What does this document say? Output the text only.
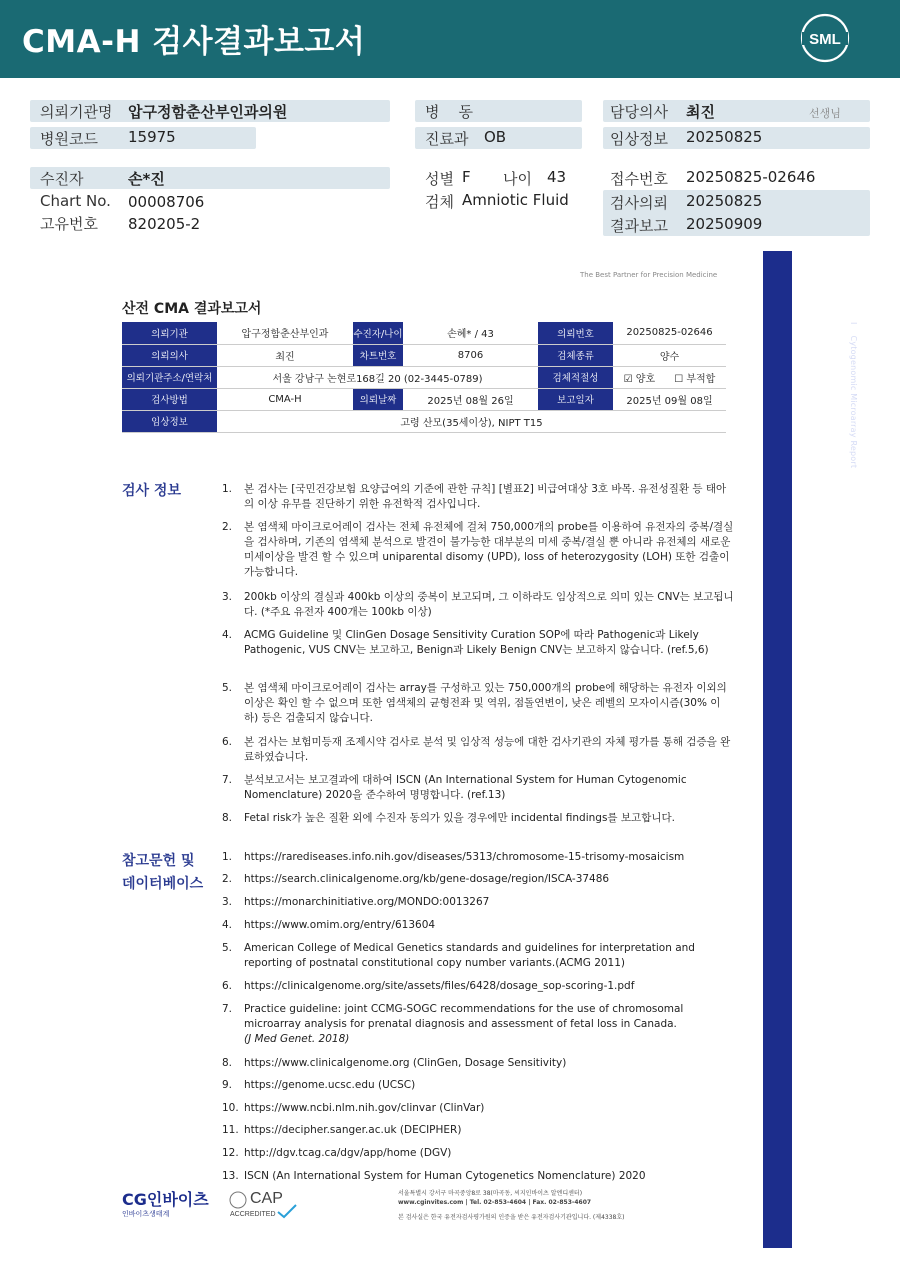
CMA-H 검사결과보고서	SML
의뢰기관명 압구정함춘산부인과의원
병원코드 15975
병    동
진료과 OB
담당의사 최진	선생님
임상정보 20250825
수진자	손*진
Chart No. 00008706
고유번호 820205-2
성별 F 나이 43
검체 Amniotic Fluid
접수번호 20250825-02646
검사의뢰 20250825
결과보고 20250909
The Best Partner for Precision Medicine
I    Cytogenomic Microarray Report
산전 CMA 결과보고서
의뢰기관	압구정함춘산부인과	수진자/나이	손혜* / 43	의뢰번호	20250825-02646
의뢰의사	최진	차트번호	8706	검체종류	양수
의뢰기관주소/연락처	서울 강남구 논현로168길 20 (02-3445-0789)			검체적절성	☑ 양호      ☐ 부적합
검사방법	CMA-H	의뢰날짜	2025년 08월 26일	보고일자	2025년 09월 08일
임상정보	고령 산모(35세이상), NIPT T15				
검사 정보	1.	본 검사는 [국민건강보험 요양급여의 기준에 관한 규칙] [별표2] 비급여대상 3호 바목. 유전성질환 등 태아의 이상 유무를 진단하기 위한 유전학적 검사입니다.
2.	본 염색체 마이크로어레이 검사는 전체 유전체에 걸쳐 750,000개의 probe를 이용하여 유전자의 중복/결실을 검사하며, 기존의 염색체 분석으로 발견이 불가능한 대부분의 미세 중복/결실 뿐 아니라 유전체의 새로운 미세이상을 발견 할 수 있으며 uniparental disomy (UPD), loss of heterozygosity (LOH) 또한 검출이 가능합니다.
3.	200kb 이상의 결실과 400kb 이상의 중복이 보고되며, 그 이하라도 임상적으로 의미 있는 CNV는 보고됩니다. (*주요 유전자 400개는 100kb 이상)
4.	ACMG Guideline 및 ClinGen Dosage Sensitivity Curation SOP에 따라 Pathogenic과 Likely Pathogenic, VUS CNV는 보고하고, Benign과 Likely Benign CNV는 보고하지 않습니다. (ref.5,6)
5.	본 염색체 마이크로어레이 검사는 array를 구성하고 있는 750,000개의 probe에 해당하는 유전자 이외의 이상은 확인 할 수 없으며 또한 염색체의 균형전좌 및 역위, 점돌연변이, 낮은 레벨의 모자이시즘(30% 이하) 등은 검출되지 않습니다.
6.	본 검사는 보험미등재 조제시약 검사로 분석 및 임상적 성능에 대한 검사기관의 자체 평가를 통해 검증을 완료하였습니다.
7.	분석보고서는 보고결과에 대하여 ISCN (An International System for Human Cytogenomic Nomenclature) 2020을 준수하여 명명합니다. (ref.13)
8.	Fetal risk가 높은 질환 외에 수진자 동의가 있을 경우에만 incidental findings를 보고합니다.
참고문헌 및
데이터베이스
1.	https://rarediseases.info.nih.gov/diseases/5313/chromosome-15-trisomy-mosaicism
2.	https://search.clinicalgenome.org/kb/gene-dosage/region/ISCA-37486
3.	https://monarchinitiative.org/MONDO:0013267
4.	https://www.omim.org/entry/613604
5.	American College of Medical Genetics standards and guidelines for interpretation and
reporting of postnatal constitutional copy number variants.(ACMG 2011)
6.	https://clinicalgenome.org/site/assets/files/6428/dosage_sop-scoring-1.pdf
7.	Practice guideline: joint CCMG-SOGC recommendations for the use of chromosomal
microarray analysis for prenatal diagnosis and assessment of fetal loss in Canada.
(J Med Genet. 2018)
8.	https://www.clinicalgenome.org (ClinGen, Dosage Sensitivity)
9.	https://genome.ucsc.edu (UCSC)
10. https://www.ncbi.nlm.nih.gov/clinvar (ClinVar)
11. https://decipher.sanger.ac.uk (DECIPHER)
12. http://dgv.tcag.ca/dgv/app/home (DGV)
13. ISCN (An International System for Human Cytogenetics Nomenclature) 2020
CG인바이츠
인바이츠생태계
CAP
ACCREDITED
서울특별시 강서구 마곡중앙8로 38(마곡동, 씨지인바이츠 알엔디센터)
www.cginvites.com | Tel. 02-853-4604 | Fax. 02-853-4607
본 검사실은 한국 유전자검사평가원의 인증을 받은 유전자검사기관입니다. (제4338호)
